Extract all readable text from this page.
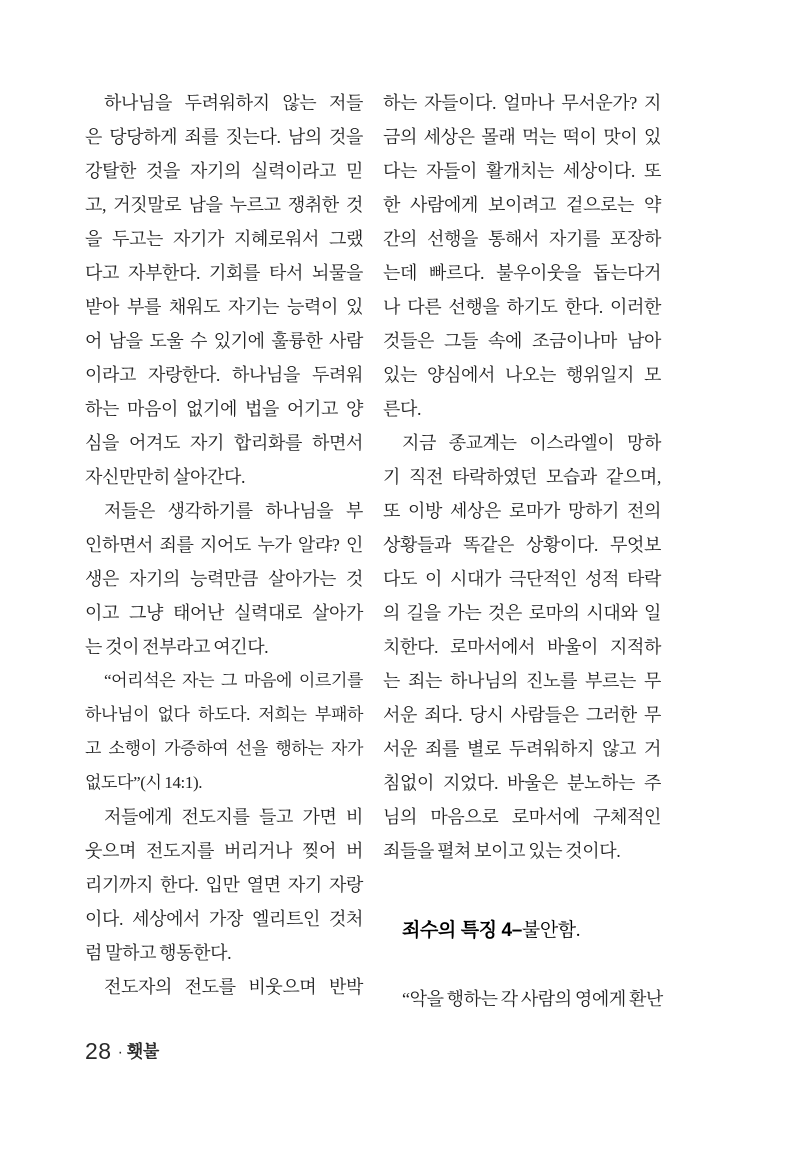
하나님을 두려워하지 않는 저들
은 당당하게 죄를 짓는다. 남의 것을
강탈한 것을 자기의 실력이라고 믿
고, 거짓말로 남을 누르고 쟁취한 것
을 두고는 자기가 지혜로워서 그랬
다고 자부한다. 기회를 타서 뇌물을
받아 부를 채워도 자기는 능력이 있
어 남을 도울 수 있기에 훌륭한 사람
이라고 자랑한다. 하나님을 두려워
하는 마음이 없기에 법을 어기고 양
심을 어겨도 자기 합리화를 하면서
자신만만히 살아간다.
저들은 생각하기를 하나님을 부
인하면서 죄를 지어도 누가 알랴? 인
생은 자기의 능력만큼 살아가는 것
이고 그냥 태어난 실력대로 살아가
는 것이 전부라고 여긴다.
“어리석은 자는 그 마음에 이르기를
하나님이 없다 하도다. 저희는 부패하
고 소행이 가증하여 선을 행하는 자가
없도다”(시 14:1).
저들에게 전도지를 들고 가면 비
웃으며 전도지를 버리거나 찢어 버
리기까지 한다. 입만 열면 자기 자랑
이다. 세상에서 가장 엘리트인 것처
럼 말하고 행동한다.
전도자의 전도를 비웃으며 반박
하는 자들이다. 얼마나 무서운가? 지
금의 세상은 몰래 먹는 떡이 맛이 있
다는 자들이 활개치는 세상이다. 또
한 사람에게 보이려고 겉으로는 약
간의 선행을 통해서 자기를 포장하
는데 빠르다. 불우이웃을 돕는다거
나 다른 선행을 하기도 한다. 이러한
것들은 그들 속에 조금이나마 남아
있는 양심에서 나오는 행위일지 모
른다.
지금 종교계는 이스라엘이 망하
기 직전 타락하였던 모습과 같으며,
또 이방 세상은 로마가 망하기 전의
상황들과 똑같은 상황이다. 무엇보
다도 이 시대가 극단적인 성적 타락
의 길을 가는 것은 로마의 시대와 일
치한다. 로마서에서 바울이 지적하
는 죄는 하나님의 진노를 부르는 무
서운 죄다. 당시 사람들은 그러한 무
서운 죄를 별로 두려워하지 않고 거
침없이 지었다. 바울은 분노하는 주
님의 마음으로 로마서에 구체적인
죄들을 펼쳐 보이고 있는 것이다.
죄수의 특징 4–불안함.
“악을 행하는 각 사람의 영에게 환난
28 · 횃불
